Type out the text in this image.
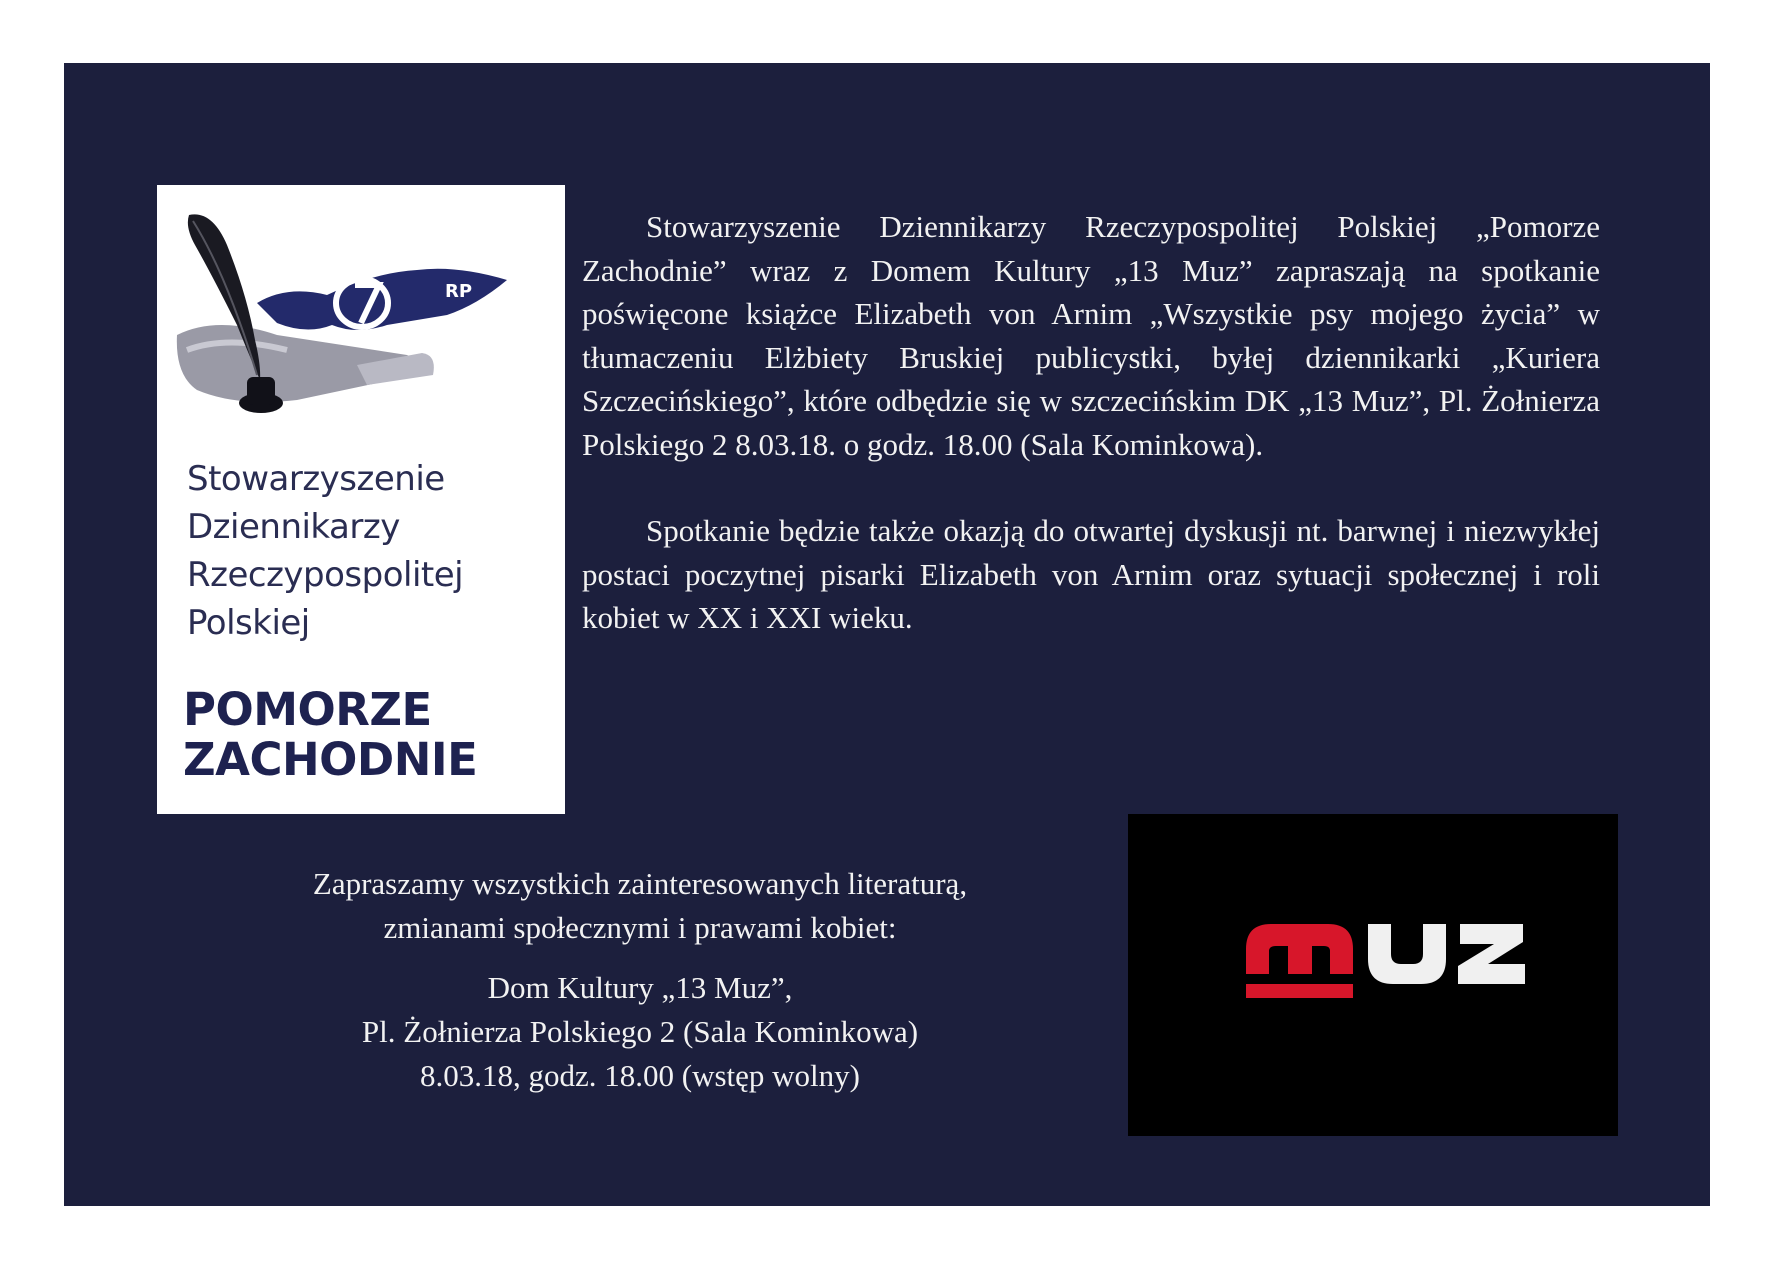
RP
Stowarzyszenie
Dziennikarzy
Rzeczypospolitej
Polskiej
POMORZE
ZACHODNIE

Stowarzyszenie Dziennikarzy Rzeczypospolitej Polskiej „Pomorze Zachodnie” wraz z Domem Kultury „13 Muz” zapraszają na spotkanie poświęcone książce Elizabeth von Arnim „Wszystkie psy mojego życia” w tłumaczeniu Elżbiety Bruskiej publicystki, byłej dziennikarki „Kuriera Szczecińskiego”, które odbędzie się w szczecińskim DK „13 Muz”, Pl. Żołnierza Polskiego 2 8.03.18. o godz. 18.00 (Sala Kominkowa).

Spotkanie będzie także okazją do otwartej dyskusji nt. barwnej i niezwykłej postaci poczytnej pisarki Elizabeth von Arnim oraz sytuacji społecznej i roli kobiet w XX i XXI wieku.

Zapraszamy wszystkich zainteresowanych literaturą,
zmianami społecznymi i prawami kobiet:
Dom Kultury „13 Muz”,
Pl. Żołnierza Polskiego 2 (Sala Kominkowa)
8.03.18, godz. 18.00 (wstęp wolny)
muz
